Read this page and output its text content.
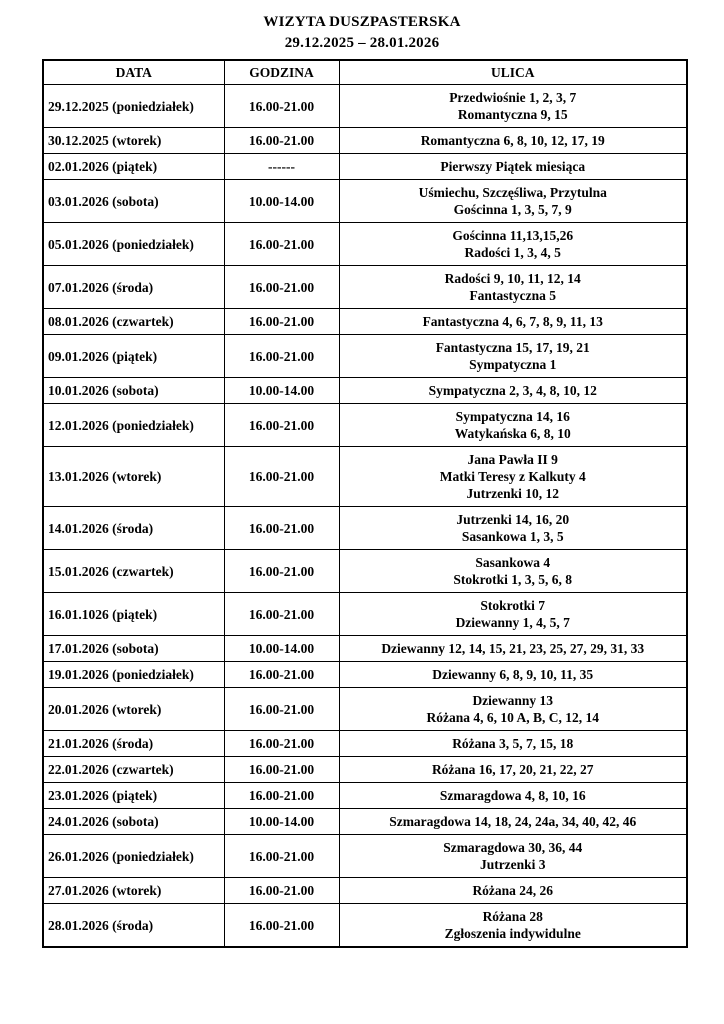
WIZYTA DUSZPASTERSKA
29.12.2025 – 28.01.2026
DATA	GODZINA	ULICA
29.12.2025 (poniedziałek)	16.00-21.00	Przedwiośnie 1, 2, 3, 7
Romantyczna 9, 15

30.12.2025 (wtorek)	16.00-21.00	Romantyczna 6, 8, 10, 12, 17, 19

02.01.2026 (piątek)	------	Pierwszy Piątek miesiąca

03.01.2026 (sobota)	10.00-14.00	Uśmiechu, Szczęśliwa, Przytulna
Gościnna 1, 3, 5, 7, 9

05.01.2026 (poniedziałek)	16.00-21.00	Gościnna 11,13,15,26
Radości 1, 3, 4, 5

07.01.2026 (środa)	16.00-21.00	Radości 9, 10, 11, 12, 14
Fantastyczna 5

08.01.2026 (czwartek)	16.00-21.00	Fantastyczna 4, 6, 7, 8, 9, 11, 13

09.01.2026 (piątek)	16.00-21.00	Fantastyczna 15, 17, 19, 21
Sympatyczna 1

10.01.2026 (sobota)	10.00-14.00	Sympatyczna 2, 3, 4, 8, 10, 12

12.01.2026 (poniedziałek)	16.00-21.00	Sympatyczna 14, 16
Watykańska 6, 8, 10

13.01.2026 (wtorek)	16.00-21.00	Jana Pawła II 9
Matki Teresy z Kalkuty 4
Jutrzenki 10, 12

14.01.2026 (środa)	16.00-21.00	Jutrzenki 14, 16, 20
Sasankowa 1, 3, 5

15.01.2026 (czwartek)	16.00-21.00	Sasankowa 4
Stokrotki 1, 3, 5, 6, 8

16.01.1026 (piątek)	16.00-21.00	Stokrotki 7
Dziewanny 1, 4, 5, 7

17.01.2026 (sobota)	10.00-14.00	Dziewanny 12, 14, 15, 21, 23, 25, 27, 29, 31, 33

19.01.2026 (poniedziałek)	16.00-21.00	Dziewanny 6, 8, 9, 10, 11, 35

20.01.2026 (wtorek)	16.00-21.00	Dziewanny 13
Różana 4, 6, 10 A, B, C, 12, 14

21.01.2026 (środa)	16.00-21.00	Różana 3, 5, 7, 15, 18

22.01.2026 (czwartek)	16.00-21.00	Różana 16, 17, 20, 21, 22, 27

23.01.2026 (piątek)	16.00-21.00	Szmaragdowa 4, 8, 10, 16

24.01.2026 (sobota)	10.00-14.00	Szmaragdowa 14, 18, 24, 24a, 34, 40, 42, 46

26.01.2026 (poniedziałek)	16.00-21.00	Szmaragdowa 30, 36, 44
Jutrzenki 3

27.01.2026 (wtorek)	16.00-21.00	Różana 24, 26

28.01.2026 (środa)	16.00-21.00	Różana 28
Zgłoszenia indywidulne
